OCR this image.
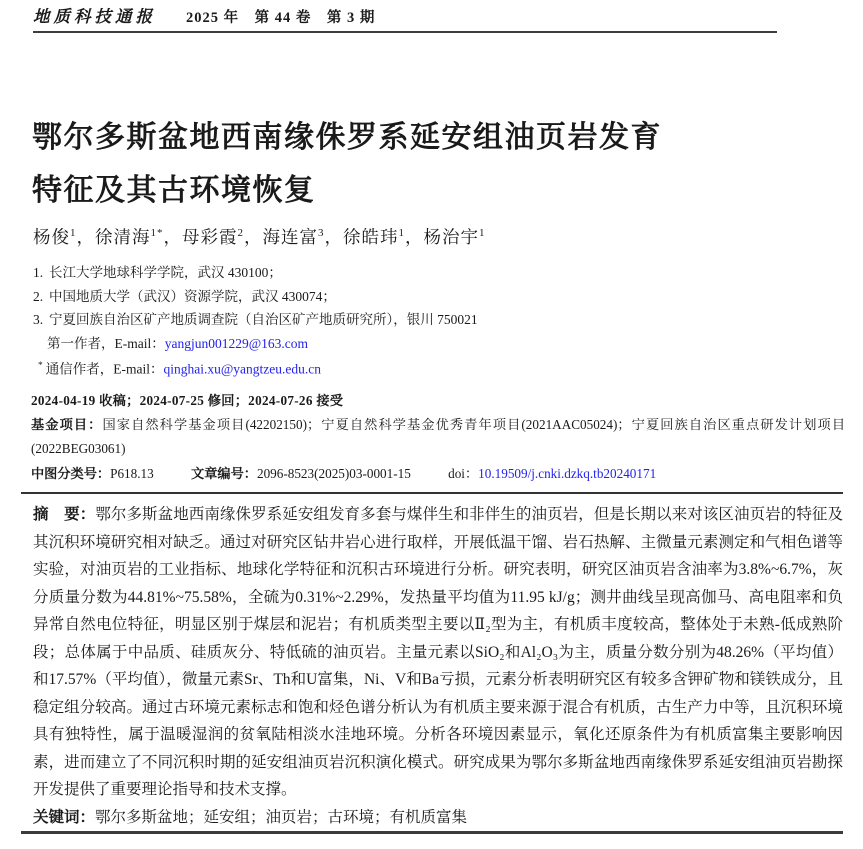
地质科技通报 2025 年　第 44 卷　第 3 期
鄂尔多斯盆地西南缘侏罗系延安组油页岩发育
特征及其古环境恢复
杨俊$^1$，徐清海$^{1*}$，母彩霞$^2$，海连富$^3$，徐皓玮$^1$，杨治宇$^1$
1. 长江大学地球科学学院，武汉 430100；
2. 中国地质大学（武汉）资源学院，武汉 430074；
3. 宁夏回族自治区矿产地质调查院（自治区矿产地质研究所），银川 750021
第一作者，E-mail：yangjun001229@163.com
* 通信作者，E-mail：qinghai.xu@yangtzeu.edu.cn
2024-04-19 收稿；2024-07-25 修回；2024-07-26 接受
基金项目：国家自然科学基金项目(42202150)；宁夏自然科学基金优秀青年项目(2021AAC05024)；宁夏回族自治区重点研发计划项目(2022BEG03061)
中图分类号：P618.13	文章编号：2096-8523(2025)03-0001-15	doi：10.19509/j.cnki.dzkq.tb20240171
摘　要：鄂尔多斯盆地西南缘侏罗系延安组发育多套与煤伴生和非伴生的油页岩，但是长期以来对该区油页岩的特征及其沉积环境研究相对缺乏。通过对研究区钻井岩心进行取样，开展低温干馏、岩石热解、主微量元素测定和气相色谱等实验，对油页岩的工业指标、地球化学特征和沉积古环境进行分析。研究表明，研究区油页岩含油率为3.8%~6.7%，灰分质量分数为44.81%~75.58%，全硫为0.31%~2.29%，发热量平均值为11.95 kJ/g；测井曲线呈现高伽马、高电阻率和负异常自然电位特征，明显区别于煤层和泥岩；有机质类型主要以Ⅱ₂型为主，有机质丰度较高，整体处于未熟-低成熟阶段；总体属于中品质、硅质灰分、特低硫的油页岩。主量元素以SiO₂和Al₂O₃为主，质量分数分别为48.26%（平均值）和17.57%（平均值），微量元素Sr、Th和U富集，Ni、V和Ba亏损，元素分析表明研究区有较多含钾矿物和镁铁成分，且稳定组分较高。通过古环境元素标志和饱和烃色谱分析认为有机质主要来源于混合有机质，古生产力中等，且沉积环境具有独特性，属于温暖湿润的贫氧陆相淡水洼地环境。分析各环境因素显示，氧化还原条件为有机质富集主要影响因素，进而建立了不同沉积时期的延安组油页岩沉积演化模式。研究成果为鄂尔多斯盆地西南缘侏罗系延安组油页岩勘探开发提供了重要理论指导和技术支撑。
关键词：鄂尔多斯盆地；延安组；油页岩；古环境；有机质富集
